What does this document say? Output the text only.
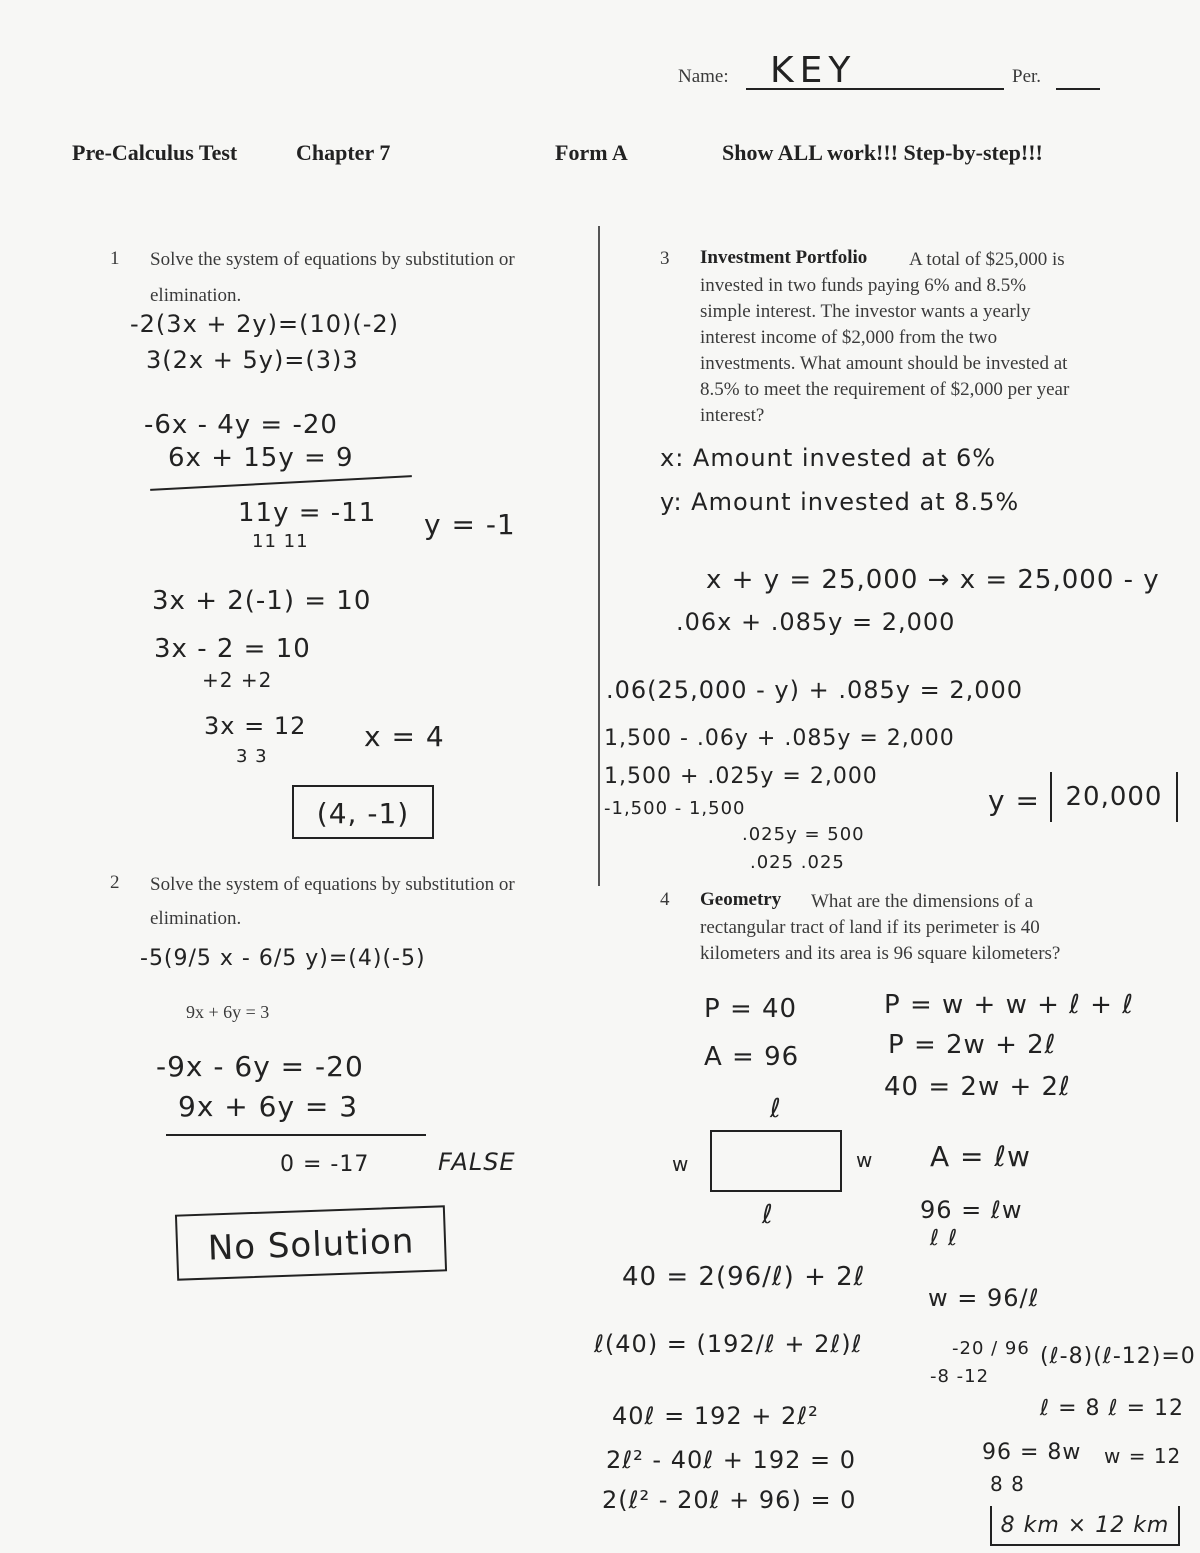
Name: KEY	Per.
Pre-Calculus Test	Chapter 7	Form A	Show ALL work!!! Step-by-step!!!
1 Solve the system of equations by substitution or
elimination.
-2(3x + 2y)=(10)(-2)
3(2x + 5y)=(3)3
-6x - 4y = -20
6x + 15y = 9
11y = -11
11 11
y = -1
3x + 2(-1) = 10
3x - 2 = 10
+2 +2
3x = 12
3 3
x = 4
(4, -1)
2 Solve the system of equations by substitution or
elimination.
-5(9/5 x - 6/5 y)=(4)(-5)
9x + 6y = 3
-9x - 6y = -20
9x + 6y = 3
0 = -17	FALSE
No Solution
3 Investment Portfolio A total of $25,000 is
invested in two funds paying 6% and 8.5%
simple interest. The investor wants a yearly
interest income of $2,000 from the two
investments. What amount should be invested at
8.5% to meet the requirement of $2,000 per year
interest?
x: Amount invested at 6%
y: Amount invested at 8.5%
x + y = 25,000 → x = 25,000 - y
.06x + .085y = 2,000
.06(25,000 - y) + .085y = 2,000
1,500 - .06y + .085y = 2,000
1,500 + .025y = 2,000
-1,500 - 1,500
.025y = 500
.025 .025
y = 20,000
4 Geometry What are the dimensions of a
rectangular tract of land if its perimeter is 40
kilometers and its area is 96 square kilometers?
P = 40
A = 96
P = w + w + ℓ + ℓ
P = 2w + 2ℓ
40 = 2w + 2ℓ
ℓ
w	w
ℓ
A = ℓw
96 = ℓw
ℓ ℓ
w = 96/ℓ
40 = 2(96/ℓ) + 2ℓ
ℓ(40) = (192/ℓ + 2ℓ)ℓ
40ℓ = 192 + 2ℓ²
2ℓ² - 40ℓ + 192 = 0
2(ℓ² - 20ℓ + 96) = 0
-20 / 96
-8 -12
(ℓ-8)(ℓ-12)=0
ℓ = 8 ℓ = 12
96 = 8w
8 8
w = 12
8 km × 12 km
